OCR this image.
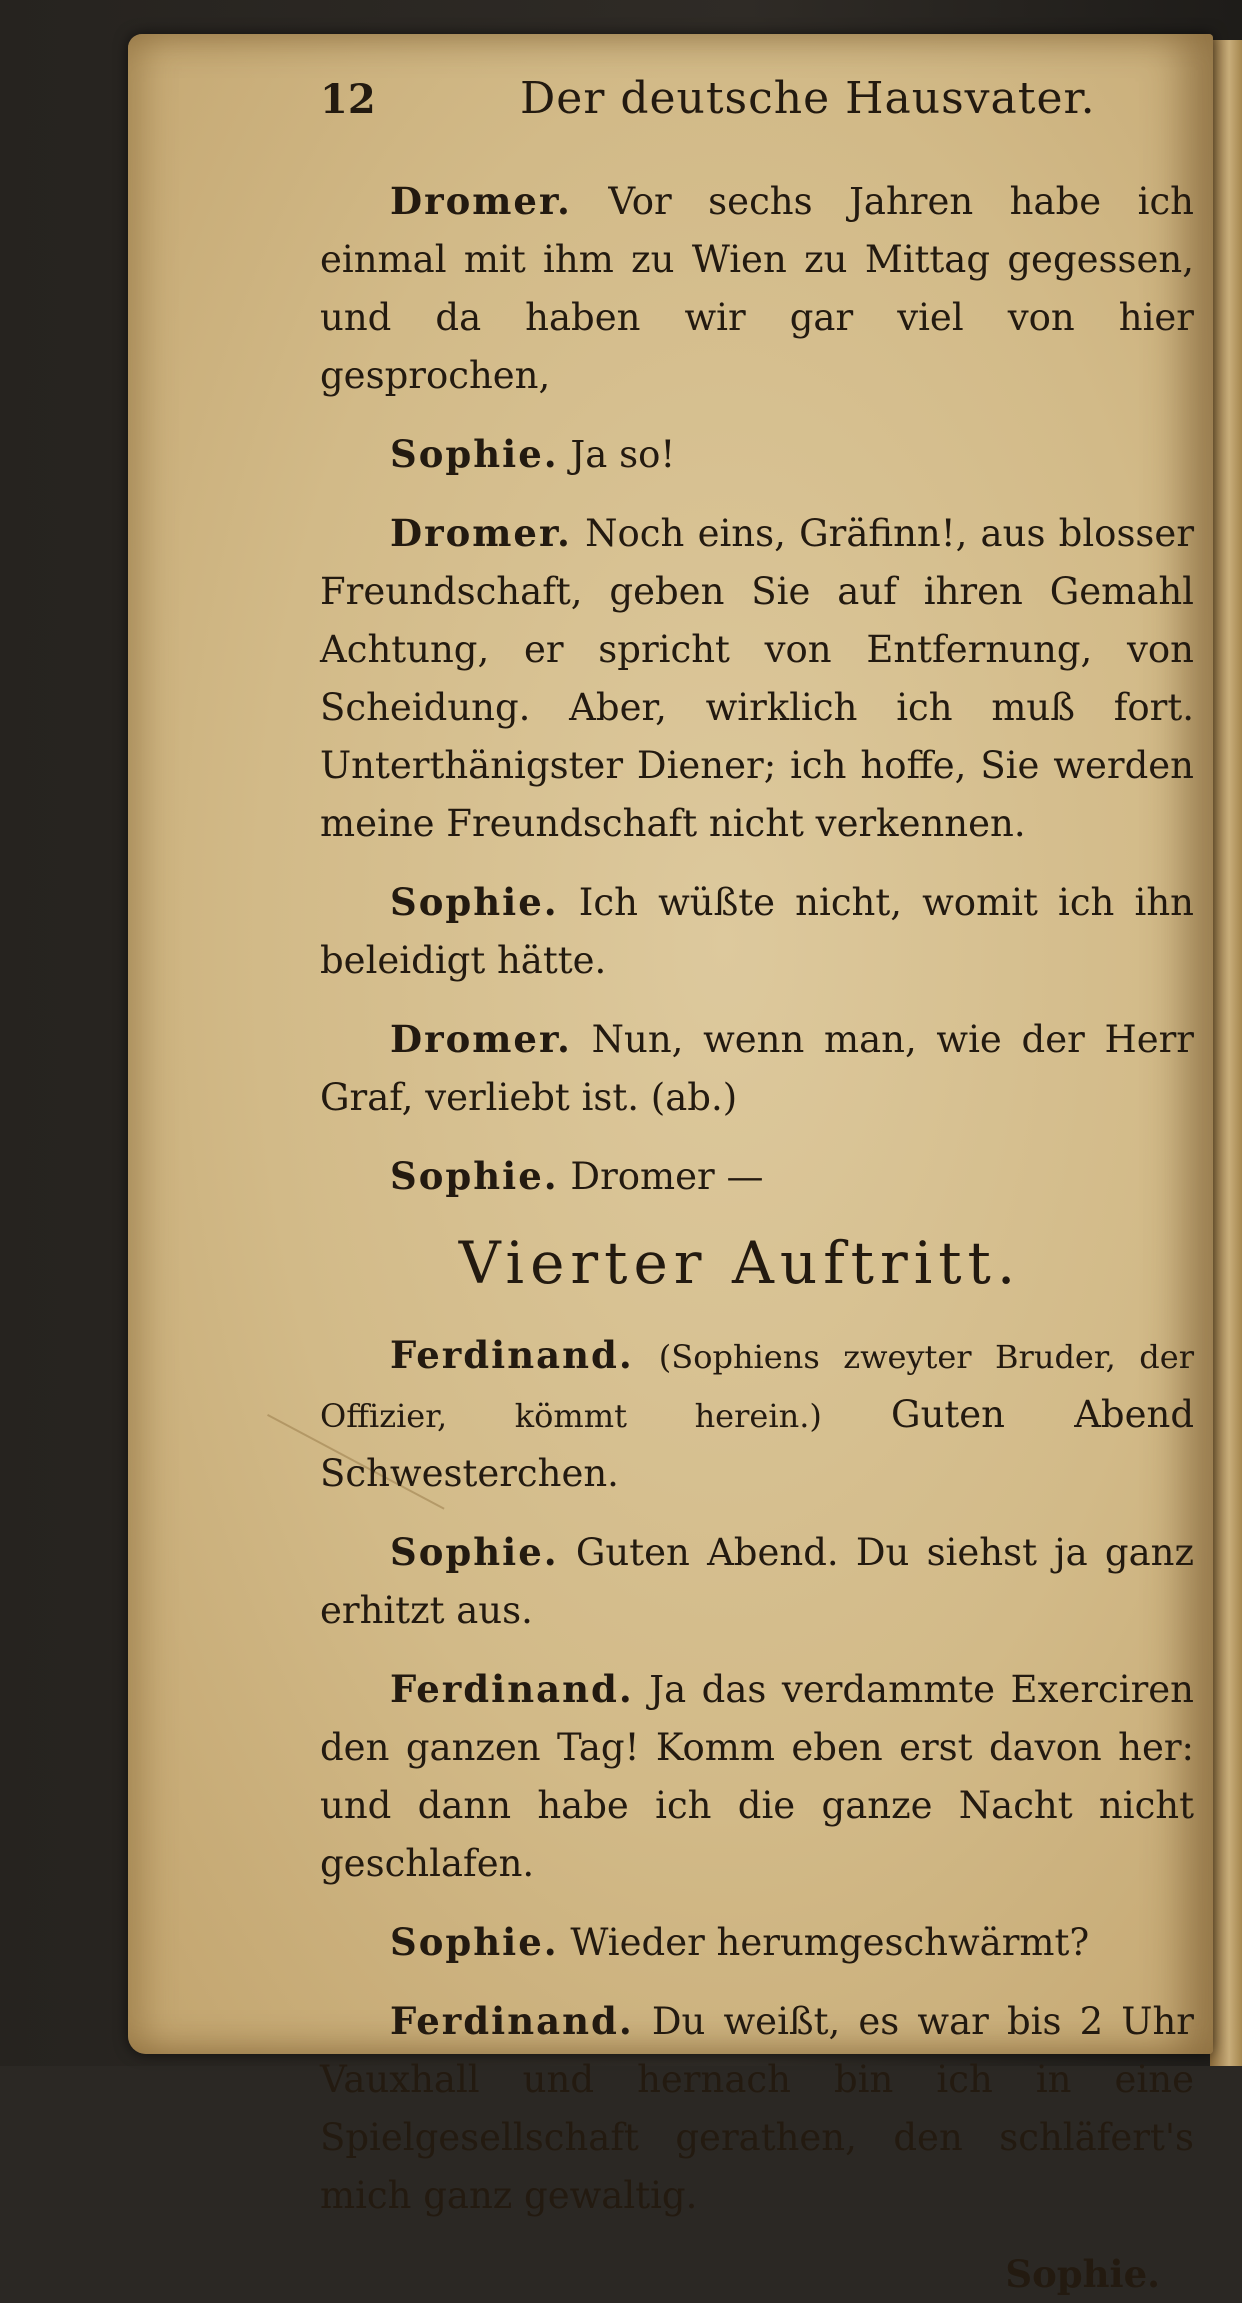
12	Der deutsche Hausvater.

Dromer. Vor sechs Jahren habe ich einmal mit ihm zu Wien zu Mittag gegessen, und da haben wir gar viel von hier gesprochen,

Sophie. Ja so!

Dromer. Noch eins, Gräfinn!, aus blosser Freundschaft, geben Sie auf ihren Gemahl Achtung, er spricht von Entfernung, von Scheidung. Aber, wirklich ich muß fort. Unterthänigster Diener; ich hoffe, Sie werden meine Freundschaft nicht verkennen.

Sophie. Ich wüßte nicht, womit ich ihn beleidigt hätte.

Dromer. Nun, wenn man, wie der Herr Graf, verliebt ist. (ab.)

Sophie. Dromer —

Vierter Auftritt.

Ferdinand. (Sophiens zweyter Bruder, der Offizier, kömmt herein.) Guten Abend Schwesterchen.

Sophie. Guten Abend. Du siehst ja ganz erhitzt aus.

Ferdinand. Ja das verdammte Exerciren den ganzen Tag! Komm eben erst davon her: und dann habe ich die ganze Nacht nicht geschlafen.

Sophie. Wieder herumgeschwärmt?

Ferdinand. Du weißt, es war bis 2 Uhr Vauxhall und hernach bin ich in eine Spielgesellschaft gerathen, den schläfert's mich ganz gewaltig.

Sophie.
